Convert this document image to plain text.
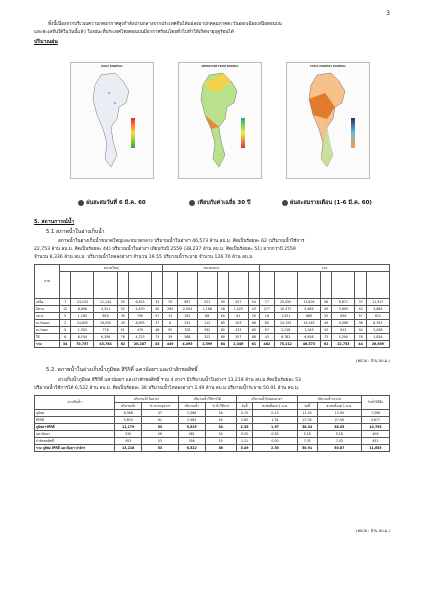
3
ทั้งนี้เนื่องจากบริเวณความกดอากาศสูงกำลังปานกลางจากประเทศจีนได้แผ่ลงมาปกคลุมภาคตะวันออกเฉียงเหนือตอนบน
และทะเลจีนใต้ในวันนี้แล้ว ในขณะที่ประเทศไทยตอนบนมีอากาศร้อนโดยทั่วไปทำให้เกิดพายุฤดูร้อนได้
ปริมาณฝน
DAILY RAINFALL	DEPARTURE FROM NORMAL	TOTAL MONTHLY RAINFALL
ฝนสะสมวันที่ 6 มี.ค. 60	เทียบกับค่าเฉลี่ย 30 ปี	ฝนสะสมรายเดือน (1-6 มี.ค. 60)
5. สถานการณ์น้ำ
5.1 สภาพน้ำในอ่างเก็บน้ำ
สภาพน้ำในอ่างเก็บน้ำขนาดใหญ่และขนาดกลาง ปริมาณน้ำในอ่างฯ 46,573 ล้าน ลบ.ม. คิดเป็นร้อยละ 62 (ปริมาณน้ำใช้การ
22,753 ล้าน ลบ.ม. คิดเป็นร้อยละ 44) ปริมาณน้ำในอ่างฯ เทียบกับปี 2559 (38,237 ล้าน ลบ.ม. คิดเป็นร้อยละ 51) มากกว่าปี 2559
จำนวน 8,336 ล้าน ลบ.ม. ปริมาณน้ำไหลลงอ่างฯ จำนวน 19.55 ปริมาณน้ำระบาย จำนวน 126.70 ล้าน ลบ.ม.
ภาค	ขนาดใหญ่						ขนาดกลาง						รวม						

เหนือ	7	24,153	11,144	55	6,833	34	70	697	521	59	457	54	77	25,050	13,605	56	6,871	37	11,917
อีสาน	12	8,898	4,321	52	2,670	40	265	2,094	1,168	58	1,025	53	277	10,572	5,489	55	3,695	43	4,884
กลาง	5	1,160	855	35	790	57	13	181	88	60	61	50	18	1,051	889	55	856	57	612
ตะวันออก	2	24,605	19,050	49	8,993	37	8	252	112	85	103	86	85	24,155	19,163	49	9,096	38	8,393
ตะวันตก	5	1,353	776	51	479	48	55	705	392	62	333	60	57	2,218	1,163	53	812	54	2,008
ใต้	6	8,194	6,356	76	4,723	73	39	588	322	89	307	88	43	8,782	6,958	73	5,290	76	1,826
รวม	34	70,757	43,784	62	20,287	43	449	4,495	2,399	64	2,346	61	482	75,212	46,573	62	22,753	44	26,639
(หน่วย : ล้าน ลบ.ม.)
5.2. สภาพน้ำในอ่างเก็บน้ำภูมิพล สิริกิติ์ แควน้อยฯ และป่าสักชลสิทธิ์
อ่างเก็บน้ำภูมิพล สิริกิติ์ แควน้อยฯ และป่าสักชลสิทธิ์ รวม 4 อ่างฯ มีปริมาณน้ำในอ่างฯ 13,218 ล้าน ลบ.ม.คิดเป็นร้อยละ 53
ปริมาณน้ำใช้การได้ 6,522 ล้าน ลบ.ม. คิดเป็นร้อยละ 36 ปริมาณน้ำไหลลงอ่างฯ 3.49 ล้าน ลบ.ม.ปริมาณน้ำระบาย 50.91 ล้าน ลบ.ม.
อ่างเก็บน้ำ	ปริมาณน้ำในอ่างฯ		ปริมาณน้ำใช้การได้		ปริมาณน้ำไหลลงอ่างฯ		ปริมาณน้ำระบาย		รับน้ำได้อีก
	ปริมาณน้ำ	% ความจุอ่างฯ	ปริมาณน้ำ	% น้ำใช้การ	วันนี้	สะสมตั้งแต่ 1 ม.ค.	วันนี้	สะสมตั้งแต่ 1 ม.ค.	
ภูมิพล	6,366	47	2,566	26	0.70	0.13	11.00	13.90	7,096
สิริกิติ์	5,833	61	2,983	45	1.65	1.34	27.34	27.56	3,677
ภูมิพล+สิริกิติ์	12,179	53	5,529	34	2.35	1.57	38.34	38.55	10,795
แควน้อยฯ	530	56	481	54	0.05	0.63	5.18	5.18	409
ป่าสักชลสิทธิ์	503	53	356	53	1.11	0.00	7.35	7.43	451
รวม ภูมิพล สิริกิติ์ แควน้อยฯ ป่าสักฯ	13,218	53	6,522	36	3.49	2.50	50.91	50.87	11,655
(หน่วย : ล้าน ลบ.ม.)
